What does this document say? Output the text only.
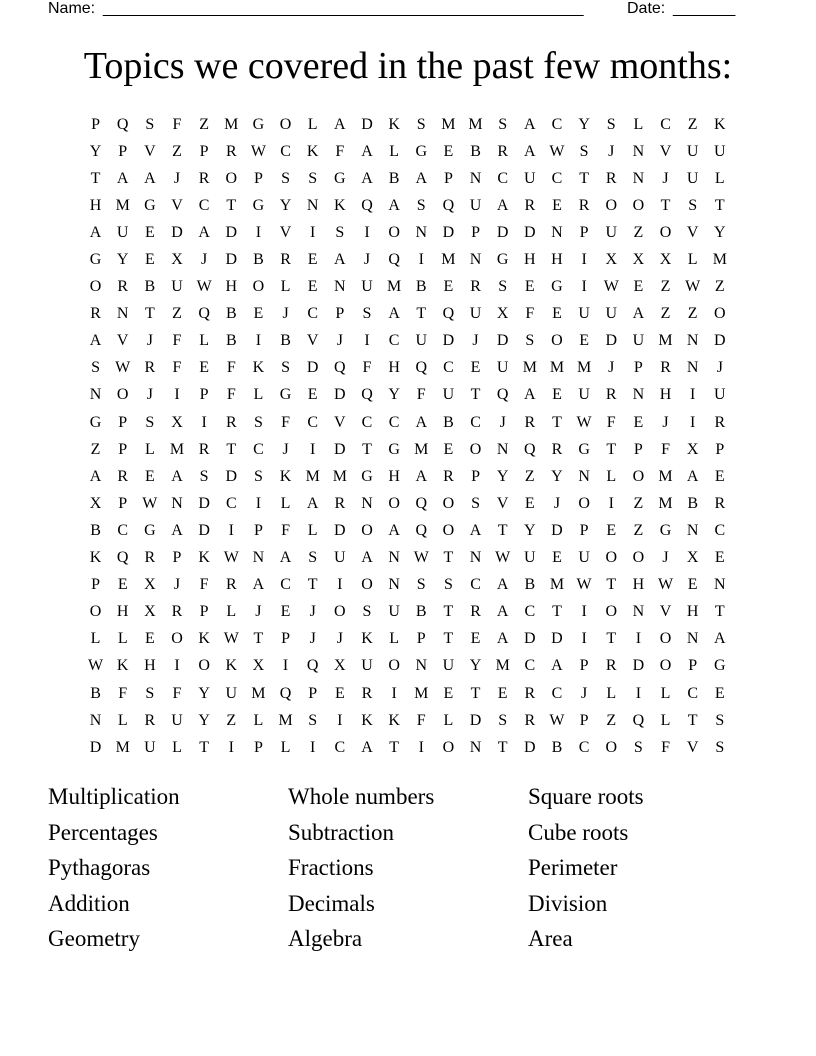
Name: ______________________________________________________	Date: _______
Topics we covered in the past few months:
P	Q	S	F	Z M G O	L	A D K	S M M S	A	C	Y	S	L	C	Z	K
Y	P	V	Z	P	R W C	K	F	A	L	G	E	B	R	A W S	J	N V U U
T	A A	J	R	O	P	S	S	G A	B	A	P	N	C	U	C	T	R	N	J	U	L
H M G V	C	T	G Y N K Q A	S	Q U A	R	E	R	O O	T	S	T
A U	E	D A D	I	V	I	S	I	O N D	P	D D N	P	U	Z	O V Y
G Y	E	X	J	D	B	R	E	A	J	Q	I	M N G H H	I	X X X	L M
O	R	B	U W H O	L	E	N U M B	E	R	S	E	G	I	W E	Z W Z
R	N	T	Z	Q	B	E	J	C	P	S	A	T	Q U X	F	E	U U A	Z	Z	O
A V	J	F	L	B	I	B	V	J	I	C	U D	J	D	S	O	E	D U M N D
S W R	F	E	F	K	S	D Q	F	H Q	C	E	U M M M	J	P	R	N	J
N O	J	I	P	F	L	G	E	D Q Y	F	U	T	Q A	E	U	R	N H	I	U
G	P	S	X	I	R	S	F	C	V	C	C	A	B	C	J	R	T W F	E	J	I	R
Z	P	L M R	T	C	J	I	D	T	G M E	O N Q	R	G	T	P	F	X	P
A	R	E	A	S	D	S	K M M G H A	R	P	Y	Z	Y N	L	O M A	E
X	P W N D	C	I	L	A	R	N O Q O	S	V	E	J	O	I	Z M B	R
B	C	G A D	I	P	F	L	D O A Q O A	T	Y D	P	E	Z	G N	C
K Q	R	P	K W N A	S	U A N W T	N W U	E	U O O	J	X	E
P	E	X	J	F	R	A	C	T	I	O N	S	S	C	A	B M W T	H W E	N
O H X	R	P	L	J	E	J	O	S	U	B	T	R	A	C	T	I	O N V H	T
L	L	E	O K W T	P	J	J	K	L	P	T	E	A D D	I	T	I	O N A
W K H	I	O K X	I	Q X U O N U Y M C	A	P	R	D O	P	G
B	F	S	F	Y U M Q	P	E	R	I	M E	T	E	R	C	J	L	I	L	C	E
N	L	R	U Y	Z	L M S	I	K K	F	L	D	S	R W P	Z	Q	L	T	S
D M U	L	T	I	P	L	I	C	A	T	I	O N	T	D	B	C	O	S	F	V	S
Multiplication
Percentages
Pythagoras
Addition
Geometry
Whole numbers
Subtraction
Fractions
Decimals
Algebra
Square roots
Cube roots
Perimeter
Division
Area
